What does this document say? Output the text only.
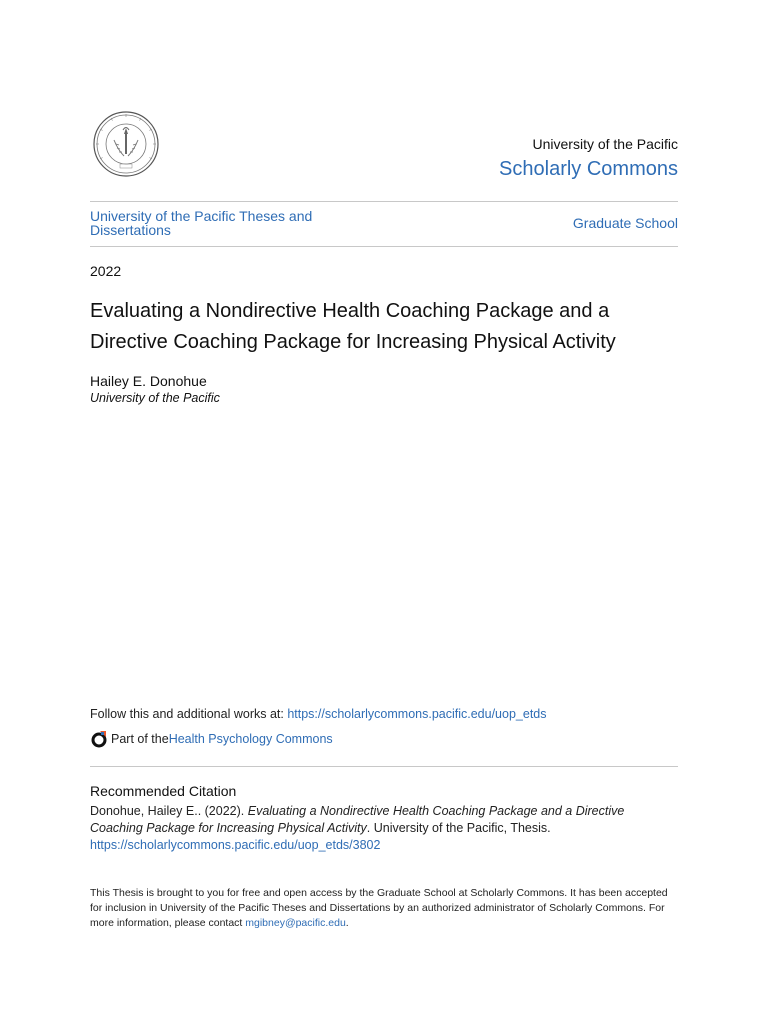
University of the Pacific
Scholarly Commons
University of the Pacific Theses and Dissertations	Graduate School
2022
Evaluating a Nondirective Health Coaching Package and a Directive Coaching Package for Increasing Physical Activity
Hailey E. Donohue
University of the Pacific
Follow this and additional works at: https://scholarlycommons.pacific.edu/uop_etds
Part of the Health Psychology Commons
Recommended Citation
Donohue, Hailey E.. (2022). Evaluating a Nondirective Health Coaching Package and a Directive Coaching Package for Increasing Physical Activity. University of the Pacific, Thesis.
https://scholarlycommons.pacific.edu/uop_etds/3802
This Thesis is brought to you for free and open access by the Graduate School at Scholarly Commons. It has been accepted for inclusion in University of the Pacific Theses and Dissertations by an authorized administrator of Scholarly Commons. For more information, please contact mgibney@pacific.edu.
